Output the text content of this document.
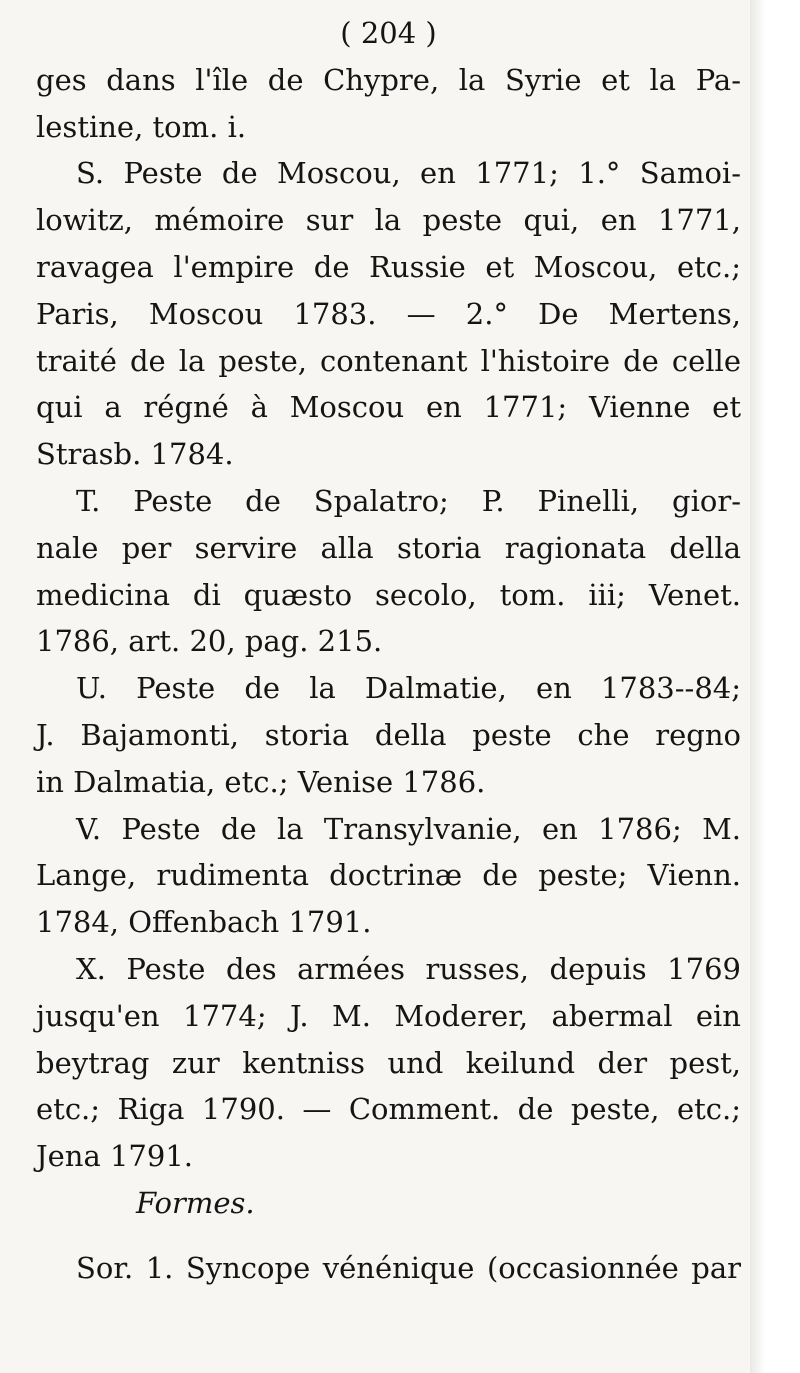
( 204 )
ges dans l'île de Chypre, la Syrie et la Pa-
lestine, tom. i.
S. Peste de Moscou, en 1771; 1.° Samoi-
lowitz, mémoire sur la peste qui, en 1771,
ravagea l'empire de Russie et Moscou, etc.;
Paris, Moscou 1783. — 2.° De Mertens,
traité de la peste, contenant l'histoire de celle
qui a régné à Moscou en 1771; Vienne et
Strasb. 1784.
T. Peste de Spalatro; P. Pinelli, gior-
nale per servire alla storia ragionata della
medicina di quæsto secolo, tom. iii; Venet.
1786, art. 20, pag. 215.
U. Peste de la Dalmatie, en 1783--84;
J. Bajamonti, storia della peste che regno
in Dalmatia, etc.; Venise 1786.
V. Peste de la Transylvanie, en 1786; M.
Lange, rudimenta doctrinæ de peste; Vienn.
1784, Offenbach 1791.
X. Peste des armées russes, depuis 1769
jusqu'en 1774; J. M. Moderer, abermal ein
beytrag zur kentniss und keilund der pest,
etc.; Riga 1790. — Comment. de peste, etc.;
Jena 1791.
Formes.
Sor. 1. Syncope vénénique (occasionnée par
